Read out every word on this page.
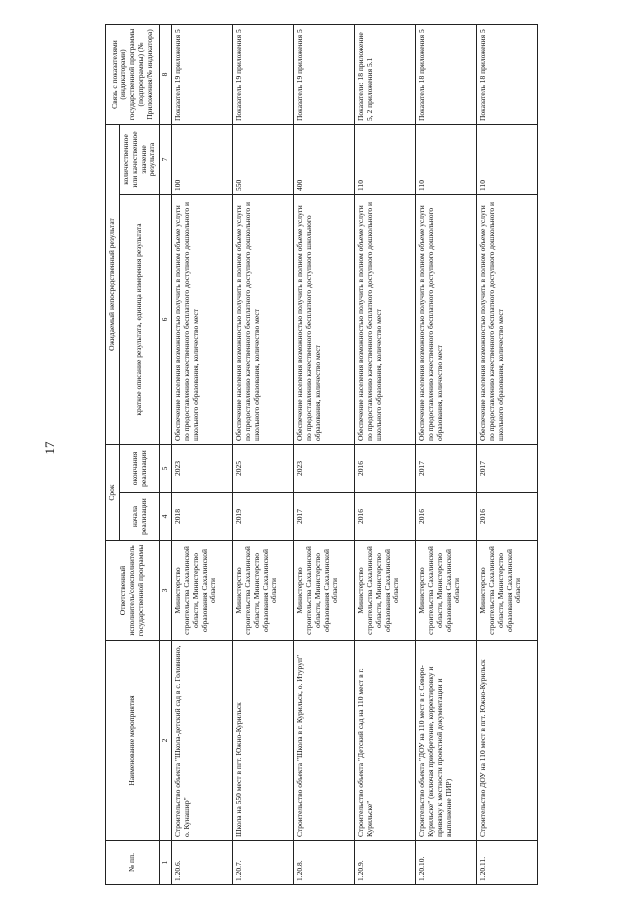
17
№ пп.	Наименование мероприятия	Ответственный исполнитель/соисполнитель государственной программы	Срок		Ожидаемый непосредственный результат		Связь с показателями (индикаторами) государственной программы (подпрограммы) (№ Приложения/№ индикатора)
			начала реализации	окончания реализации	краткое описание результата, единица измерения результата	количественное или качественное значение результата	
1	2	3	4	5	6	7	8
1.20.6.	Строительство объекта "Школа-детский сад в с. Головнино, о. Кунашир"	Министерство строительства Сахалинской области, Министерство образования Сахалинской области	2018	2023	Обеспечение населения возможностью получить в полном объеме услуги по предоставлению качественного бесплатного доступного дошкольного и школьного образования, количество мест	100	Показатель 19 приложения 5
1.20.7.	Школа на 550 мест в пгт. Южно-Курильск	Министерство строительства Сахалинской области, Министерство образования Сахалинской области	2019	2025	Обеспечение населения возможностью получить в полном объеме услуги по предоставлению качественного бесплатного доступного дошкольного и школьного образования, количество мест	550	Показатель 19 приложения 5
1.20.8.	Строительство объекта "Школа в г. Курильск, о. Итуруп"	Министерство строительства Сахалинской области, Министерство образования Сахалинской области	2017	2023	Обеспечение населения возможностью получить в полном объеме услуги по предоставлению качественного бесплатного доступного школьного образования, количество мест	400	Показатель 19 приложения 5
1.20.9.	Строительство объекта "Детский сад на 110 мест в г. Курильске"	Министерство строительства Сахалинской области, Министерство образования Сахалинской области	2016	2016	Обеспечение населения возможностью получить в полном объеме услуги по предоставлению качественного бесплатного доступного дошкольного и школьного образования, количество мест	110	Показатели: 18 приложение 5, 2 приложения 5.1
1.20.10.	Строительство объекта "ДОУ на 110 мест в г. Северо-Курильске" (включая приобретение, корректировку и привязку к местности проектной документации и выполнение ПИР)	Министерство строительства Сахалинской области, Министерство образования Сахалинской области	2016	2017	Обеспечение населения возможностью получить в полном объеме услуги по предоставлению качественного бесплатного доступного дошкольного образования, количество мест	110	Показатель 18 приложения 5
1.20.11.	Строительство ДОУ на 110 мест в пгт. Южно-Курильск	Министерство строительства Сахалинской области, Министерство образования Сахалинской области	2016	2017	Обеспечение населения возможностью получить в полном объеме услуги по предоставлению качественного бесплатного доступного дошкольного и школьного образования, количество мест	110	Показатель 18 приложения 5
